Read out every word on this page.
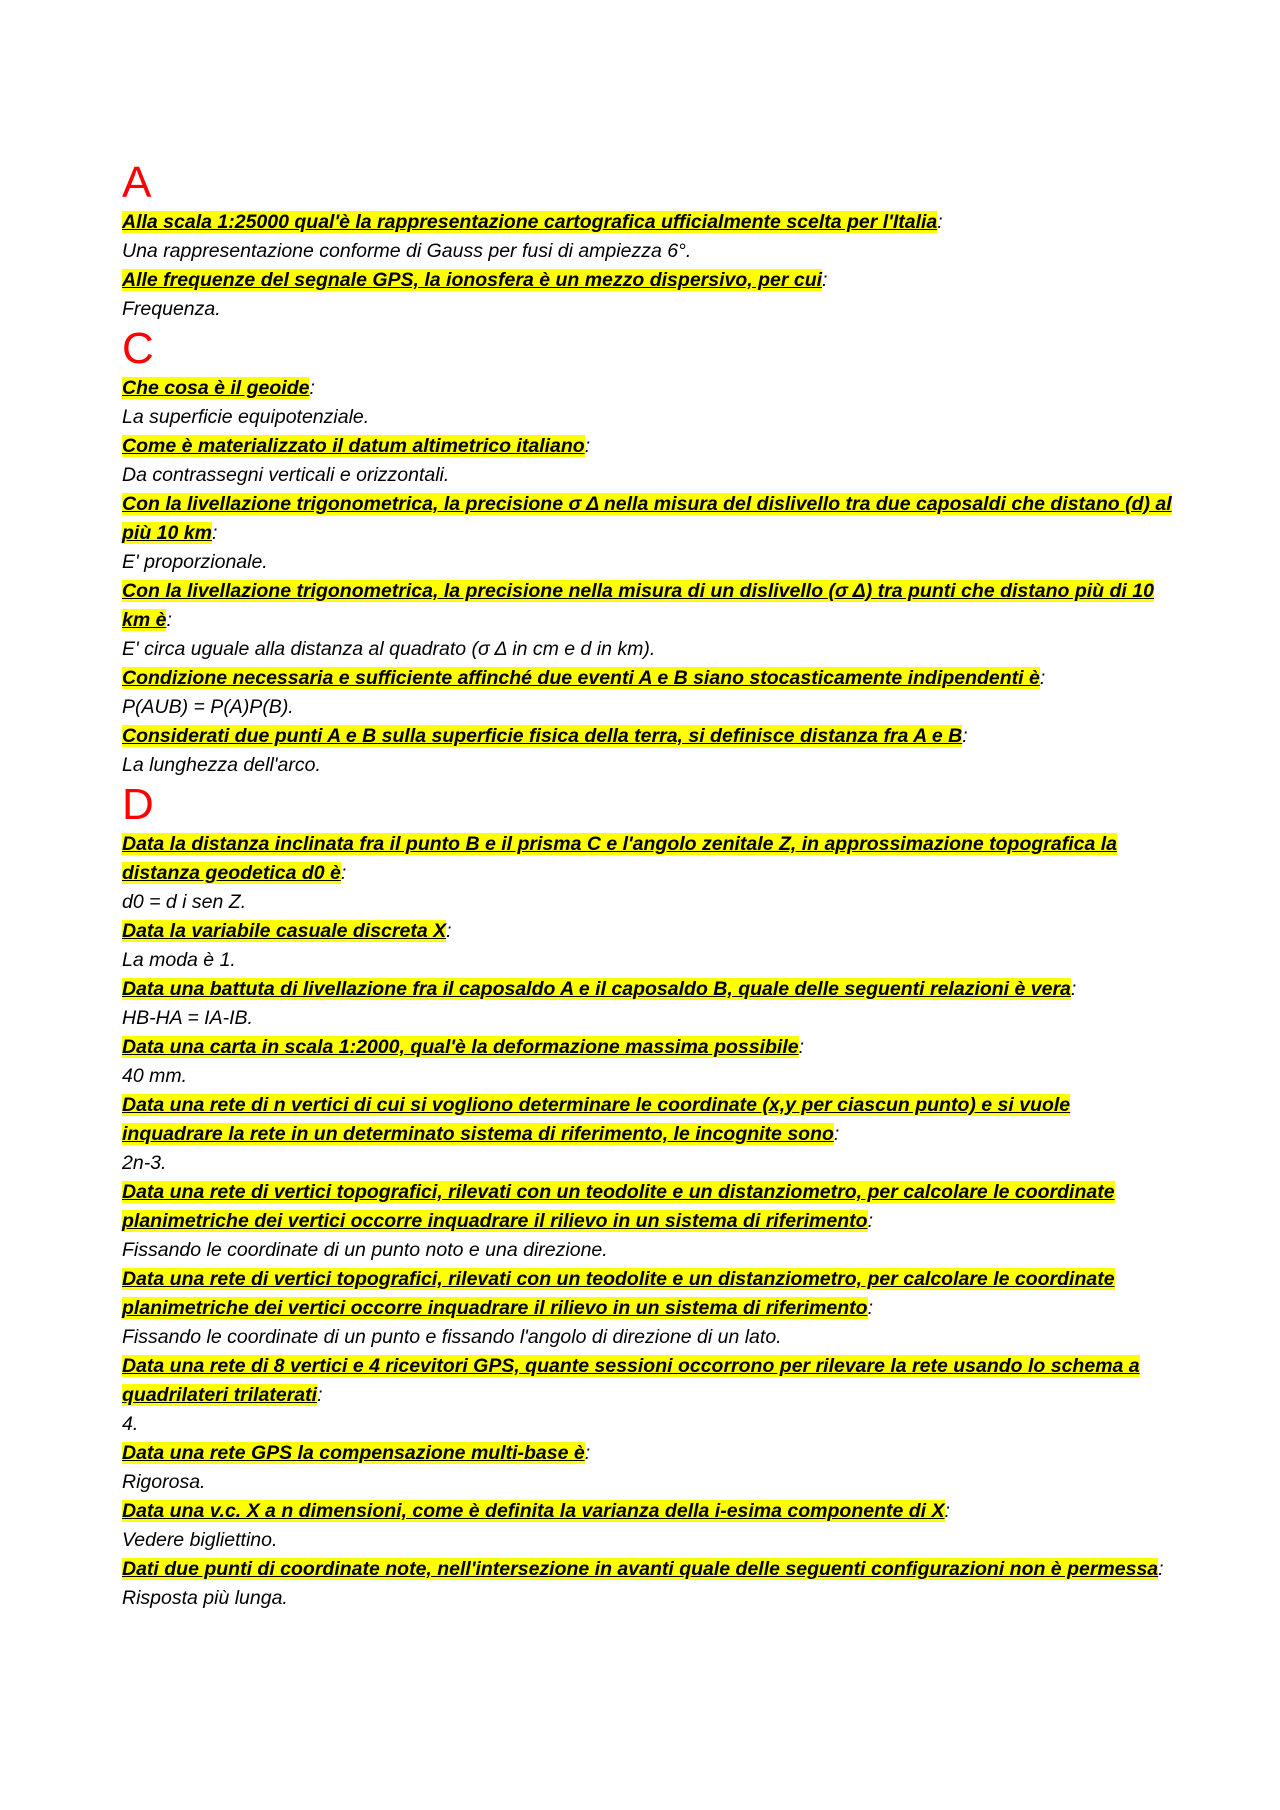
A

Alla scala 1:25000 qual'è la rappresentazione cartografica ufficialmente scelta per l'Italia:

Una rappresentazione conforme di Gauss per fusi di ampiezza 6°.

Alle frequenze del segnale GPS, la ionosfera è un mezzo dispersivo, per cui:

Frequenza.

C

Che cosa è il geoide:

La superficie equipotenziale.

Come è materializzato il datum altimetrico italiano:

Da contrassegni verticali e orizzontali.

Con la livellazione trigonometrica, la precisione σ Δ nella misura del dislivello tra due caposaldi che distano (d) al più 10 km:

E' proporzionale.

Con la livellazione trigonometrica, la precisione nella misura di un dislivello (σ Δ) tra punti che distano più di 10 km è:

E' circa uguale alla distanza al quadrato (σ Δ in cm e d in km).

Condizione necessaria e sufficiente affinché due eventi A e B siano stocasticamente indipendenti è:

P(AUB) = P(A)P(B).

Considerati due punti A e B sulla superficie fisica della terra, si definisce distanza fra A e B:

La lunghezza dell'arco.

D

Data la distanza inclinata fra il punto B e il prisma C e l'angolo zenitale Z, in approssimazione topografica la distanza geodetica d0 è:

d0 = d i sen Z.

Data la variabile casuale discreta X:

La moda è 1.

Data una battuta di livellazione fra il caposaldo A e il caposaldo B, quale delle seguenti relazioni è vera:

HB-HA = IA-IB.

Data una carta in scala 1:2000, qual'è la deformazione massima possibile:

40 mm.

Data una rete di n vertici di cui si vogliono determinare le coordinate (x,y per ciascun punto) e si vuole inquadrare la rete in un determinato sistema di riferimento, le incognite sono:

2n-3.

Data una rete di vertici topografici, rilevati con un teodolite e un distanziometro, per calcolare le coordinate planimetriche dei vertici occorre inquadrare il rilievo in un sistema di riferimento:

Fissando le coordinate di un punto noto e una direzione.

Data una rete di vertici topografici, rilevati con un teodolite e un distanziometro, per calcolare le coordinate planimetriche dei vertici occorre inquadrare il rilievo in un sistema di riferimento:

Fissando le coordinate di un punto e fissando l'angolo di direzione di un lato.

Data una rete di 8 vertici e 4 ricevitori GPS, quante sessioni occorrono per rilevare la rete usando lo schema a quadrilateri trilaterati:

4.

Data una rete GPS la compensazione multi-base è:

Rigorosa.

Data una v.c. X a n dimensioni, come è definita la varianza della i-esima componente di X:

Vedere bigliettino.

Dati due punti di coordinate note, nell'intersezione in avanti quale delle seguenti configurazioni non è permessa:

Risposta più lunga.
